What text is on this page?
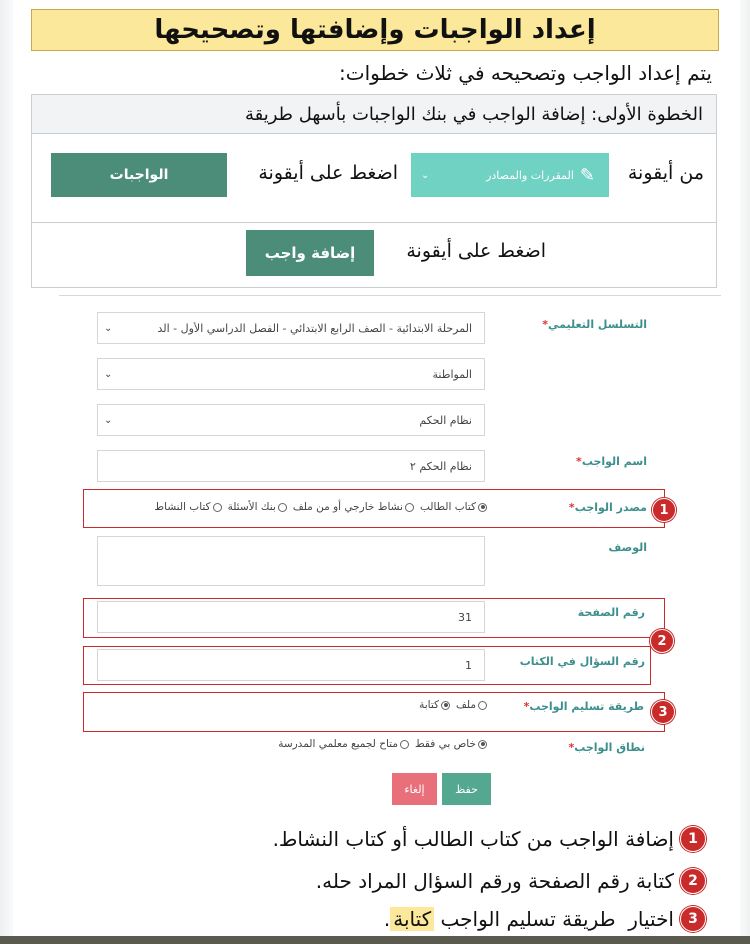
إعداد الواجبات وإضافتها وتصحيحها
يتم إعداد الواجب وتصحيحه في ثلاث خطوات:
الخطوة الأولى: إضافة الواجب في بنك الواجبات بأسهل طريقة
من أيقونة
✎
المقررات والمصادر
⌄
اضغط على أيقونة
الواجبات
اضغط على أيقونة
إضافة واجب
التسلسل التعليمي*
المرحلة الابتدائية - الصف الرابع الابتدائي - الفصل الدراسي الأول - الد
⌄
المواطنة
⌄
نظام الحكم
⌄
اسم الواجب*
نظام الحكم ٢
1
مصدر الواجب*
كتاب الطالب
نشاط خارجي أو من ملف
بنك الأسئلة
كتاب النشاط
الوصف
رقم الصفحة
31
2
رقم السؤال في الكتاب
1
3
طريقة تسليم الواجب*
ملف
كتابة
نطاق الواجب*
خاص بي فقط
متاح لجميع معلمي المدرسة
حفظ
إلغاء
1
إضافة الواجب من كتاب الطالب أو كتاب النشاط.
2
كتابة رقم الصفحة ورقم السؤال المراد حله.
3
اختيار  طريقة تسليم الواجب
كتابة
.
